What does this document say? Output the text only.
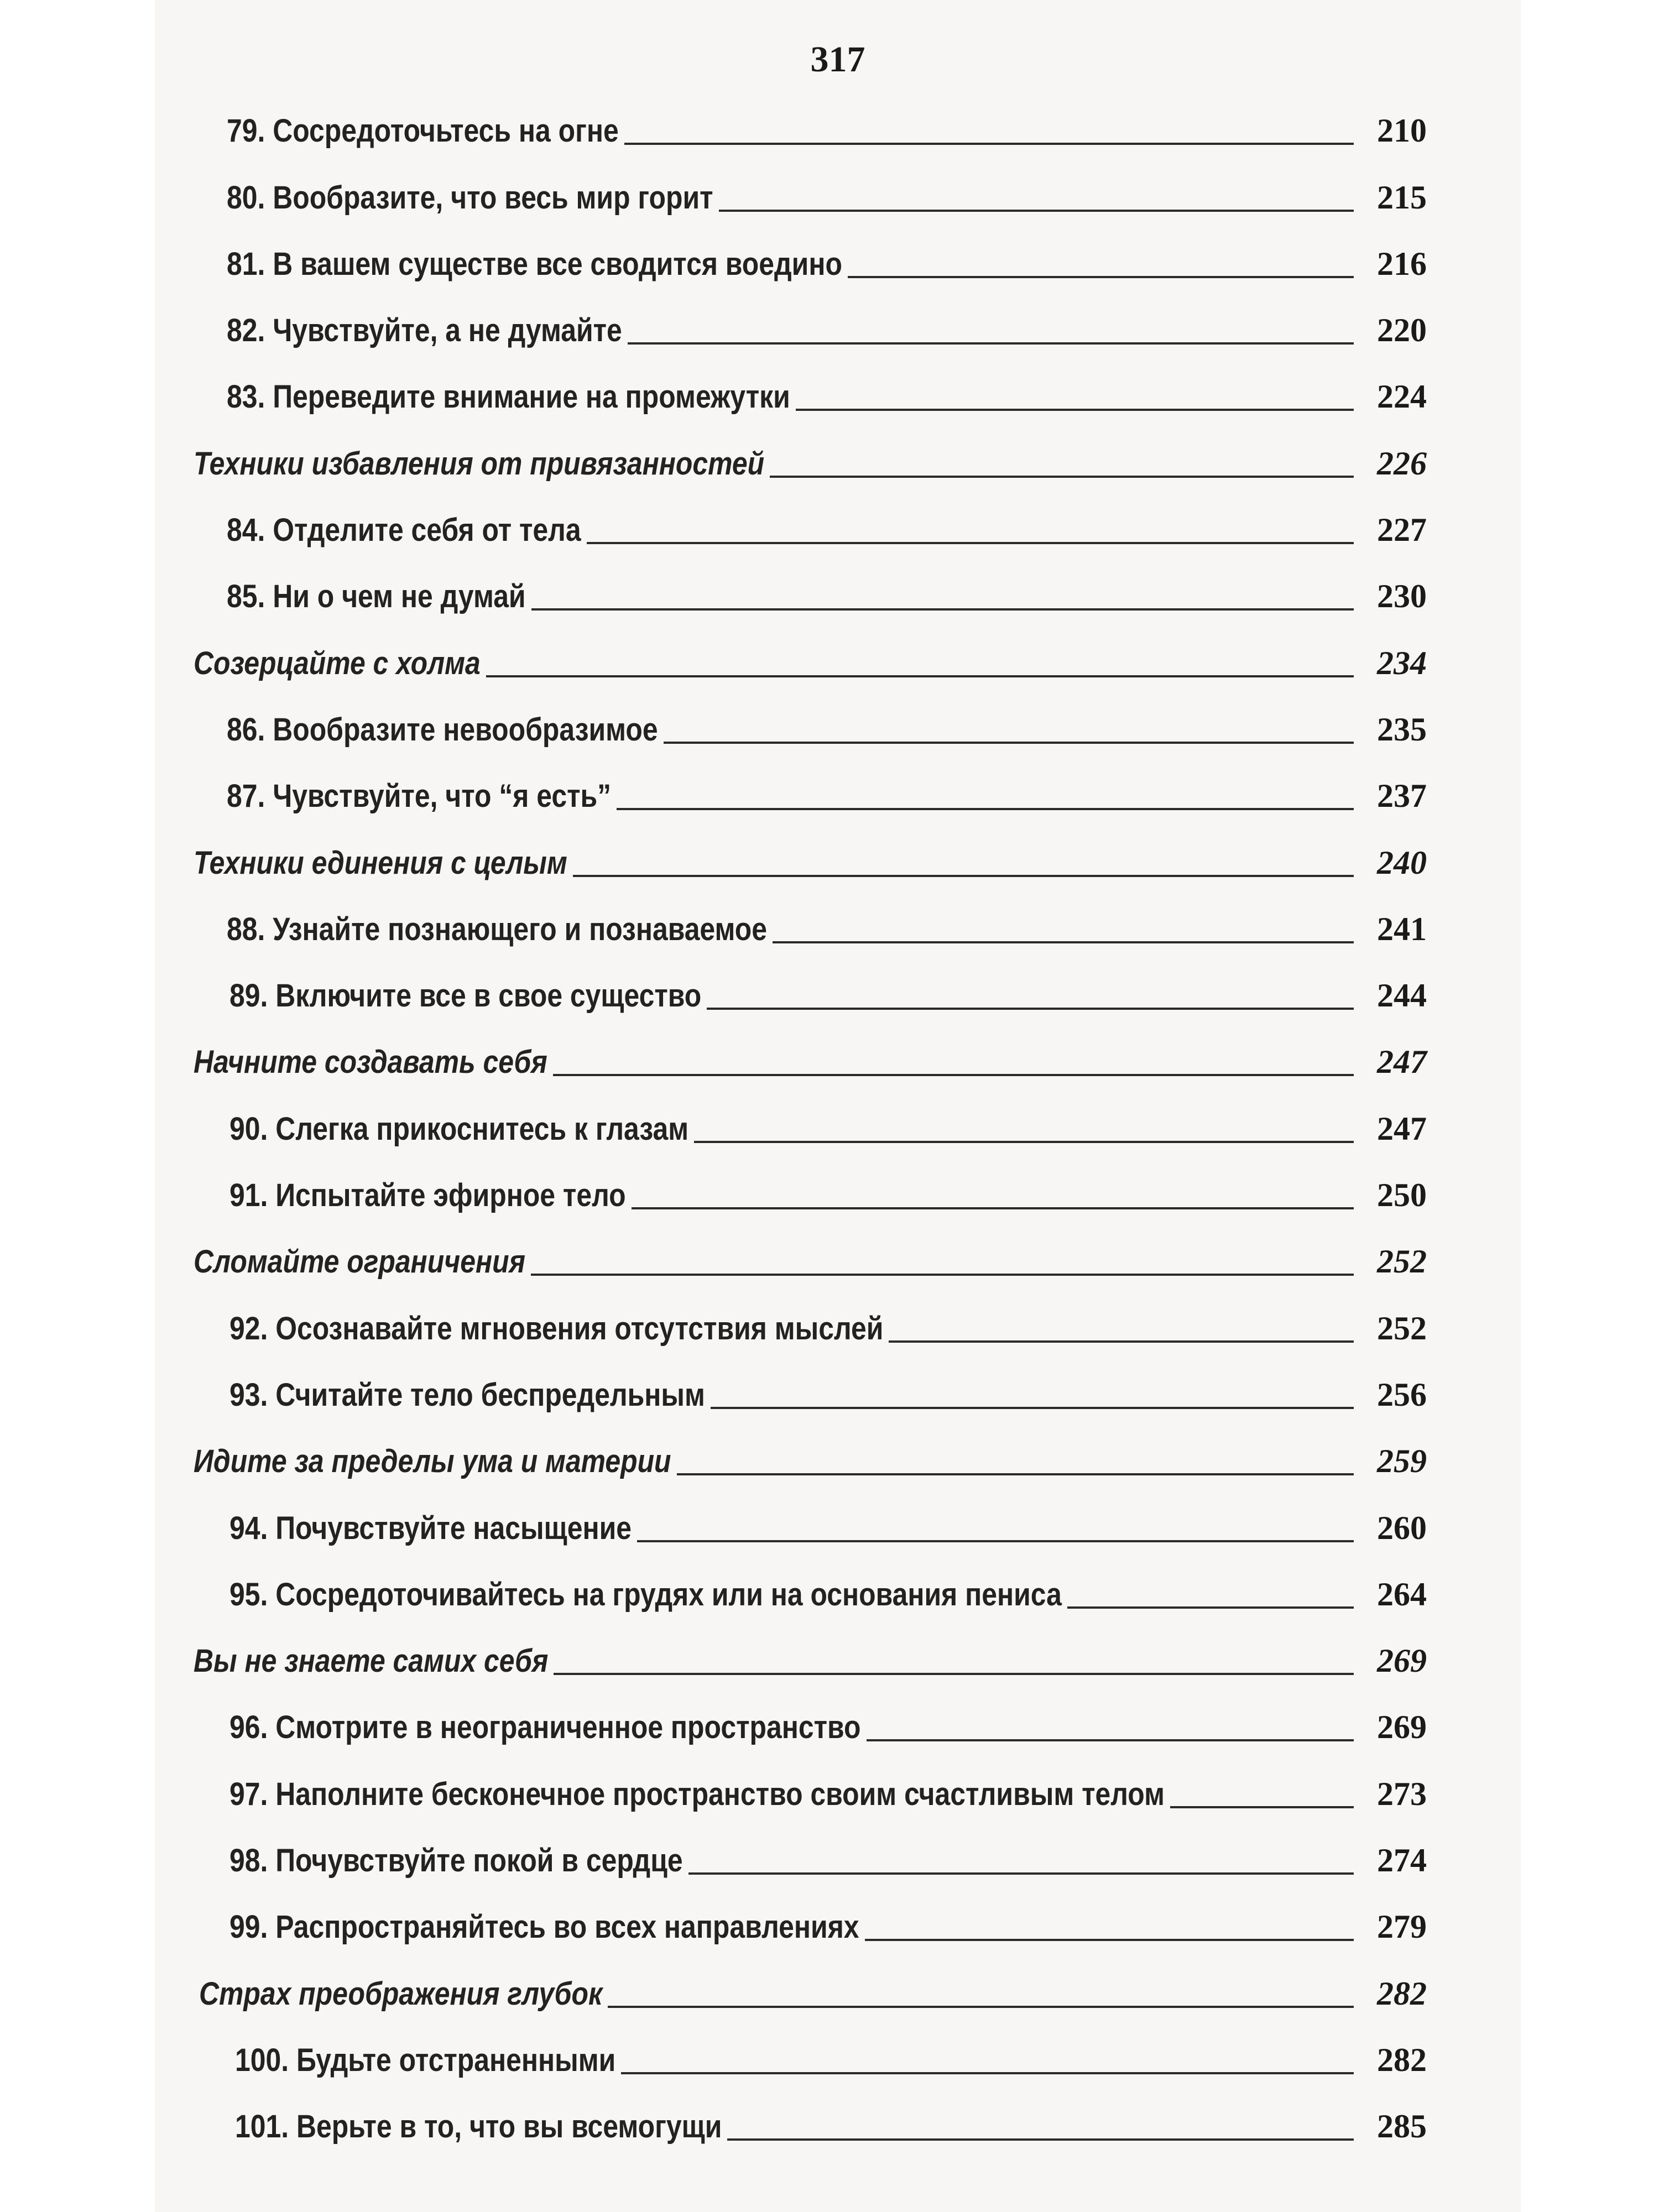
317
79. Сосредоточьтесь на огне	210
80. Вообразите, что весь мир горит	215
81. В вашем существе все сводится воедино	216
82. Чувствуйте, а не думайте	220
83. Переведите внимание на промежутки	224
Техники избавления от привязанностей	226
84. Отделите себя от тела	227
85. Ни о чем не думай	230
Созерцайте с холма	234
86. Вообразите невообразимое	235
87. Чувствуйте, что “я есть”	237
Техники единения с целым	240
88. Узнайте познающего и познаваемое	241
89. Включите все в свое существо	244
Начните создавать себя	247
90. Слегка прикоснитесь к глазам	247
91. Испытайте эфирное тело	250
Сломайте ограничения	252
92. Осознавайте мгновения отсутствия мыслей	252
93. Считайте тело беспредельным	256
Идите за пределы ума и материи	259
94. Почувствуйте насыщение	260
95. Сосредоточивайтесь на грудях или на основания пениса	264
Вы не знаете самих себя	269
96. Смотрите в неограниченное пространство	269
97. Наполните бесконечное пространство своим счастливым телом	273
98. Почувствуйте покой в сердце	274
99. Распространяйтесь во всех направлениях	279
Страх преображения глубок	282
100. Будьте отстраненными	282
101. Верьте в то, что вы всемогущи	285
